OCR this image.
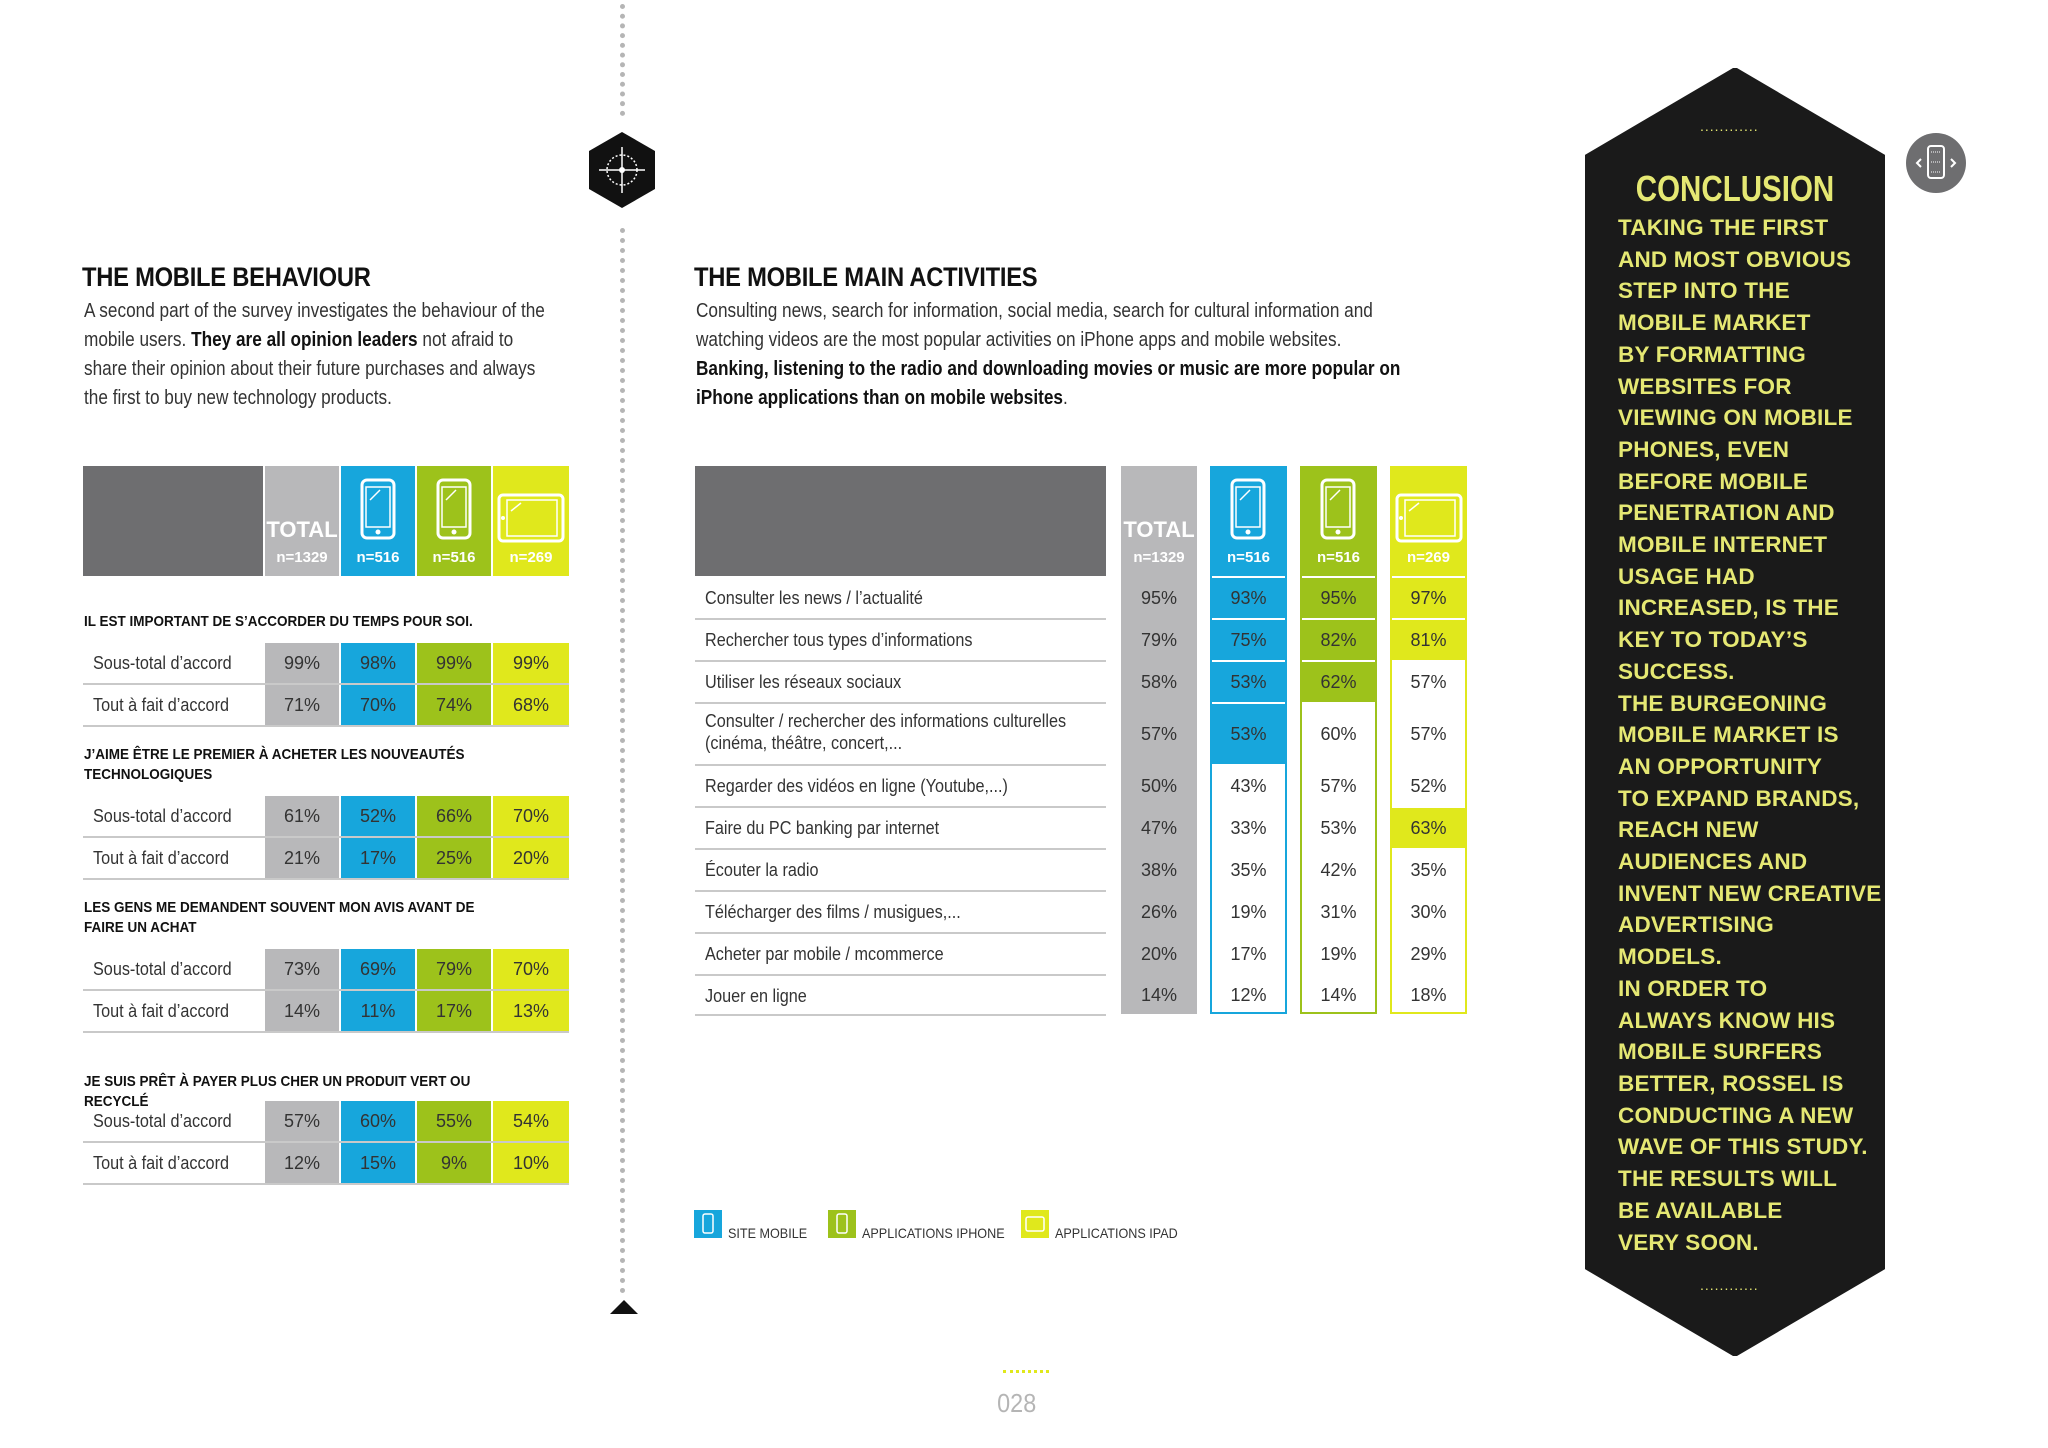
THE MOBILE BEHAVIOUR

A second part of the survey investigates the behaviour of the mobile users. They are all opinion leaders not afraid to share their opinion about their future purchases and always the first to buy new technology products.

TOTAL
n=1329	n=516	n=516	n=269
IL EST IMPORTANT DE S’ACCORDER DU TEMPS POUR SOI.
Sous-total d’accord	99%	98%	99%	99%
Tout à fait d’accord	71%	70%	74%	68%
J’AIME ÊTRE LE PREMIER À ACHETER LES NOUVEAUTÉS TECHNOLOGIQUES
Sous-total d’accord	61%	52%	66%	70%
Tout à fait d’accord	21%	17%	25%	20%
LES GENS ME DEMANDENT SOUVENT MON AVIS AVANT DE FAIRE UN ACHAT
Sous-total d’accord	73%	69%	79%	70%
Tout à fait d’accord	14%	11%	17%	13%
JE SUIS PRÊT À PAYER PLUS CHER UN PRODUIT VERT OU RECYCLÉ
Sous-total d’accord	57%	60%	55%	54%
Tout à fait d’accord	12%	15%	9%	10%
THE MOBILE MAIN ACTIVITIES

Consulting news, search for information, social media, search for cultural information and watching videos are the most popular activities on iPhone apps and mobile websites.
Banking, listening to the radio and downloading movies or music are more popular on iPhone applications than on mobile websites.

TOTAL
n=1329	n=516	n=516	n=269
Consulter les news / l’actualité	95%	93%	95%	97%
Rechercher tous types d’informations	79%	75%	82%	81%
Utiliser les réseaux sociaux	58%	53%	62%	57%
Consulter / rechercher des informations culturelles
(cinéma, théâtre, concert,...	57%	53%	60%	57%
Regarder des vidéos en ligne (Youtube,...)	50%	43%	57%	52%
Faire du PC banking par internet	47%	33%	53%	63%
Écouter la radio	38%	35%	42%	35%
Télécharger des films / musigues,...	26%	19%	31%	30%
Acheter par mobile / mcommerce	20%	17%	19%	29%
Jouer en ligne	14%	12%	14%	18%
SITE MOBILE	APPLICATIONS IPHONE	APPLICATIONS IPAD
............
CONCLUSION
TAKING THE FIRST
AND MOST OBVIOUS
STEP INTO THE
MOBILE MARKET
BY FORMATTING
WEBSITES FOR
VIEWING ON MOBILE
PHONES, EVEN
BEFORE MOBILE
PENETRATION AND
MOBILE INTERNET
USAGE HAD
INCREASED, IS THE
KEY TO TODAY’S
SUCCESS.
THE BURGEONING
MOBILE MARKET IS
AN OPPORTUNITY
TO EXPAND BRANDS,
REACH NEW
AUDIENCES AND
INVENT NEW CREATIVE
ADVERTISING
MODELS.
IN ORDER TO
ALWAYS KNOW HIS
MOBILE SURFERS
BETTER, ROSSEL IS
CONDUCTING A NEW
WAVE OF THIS STUDY.
THE RESULTS WILL
BE AVAILABLE
VERY SOON.
............
028
